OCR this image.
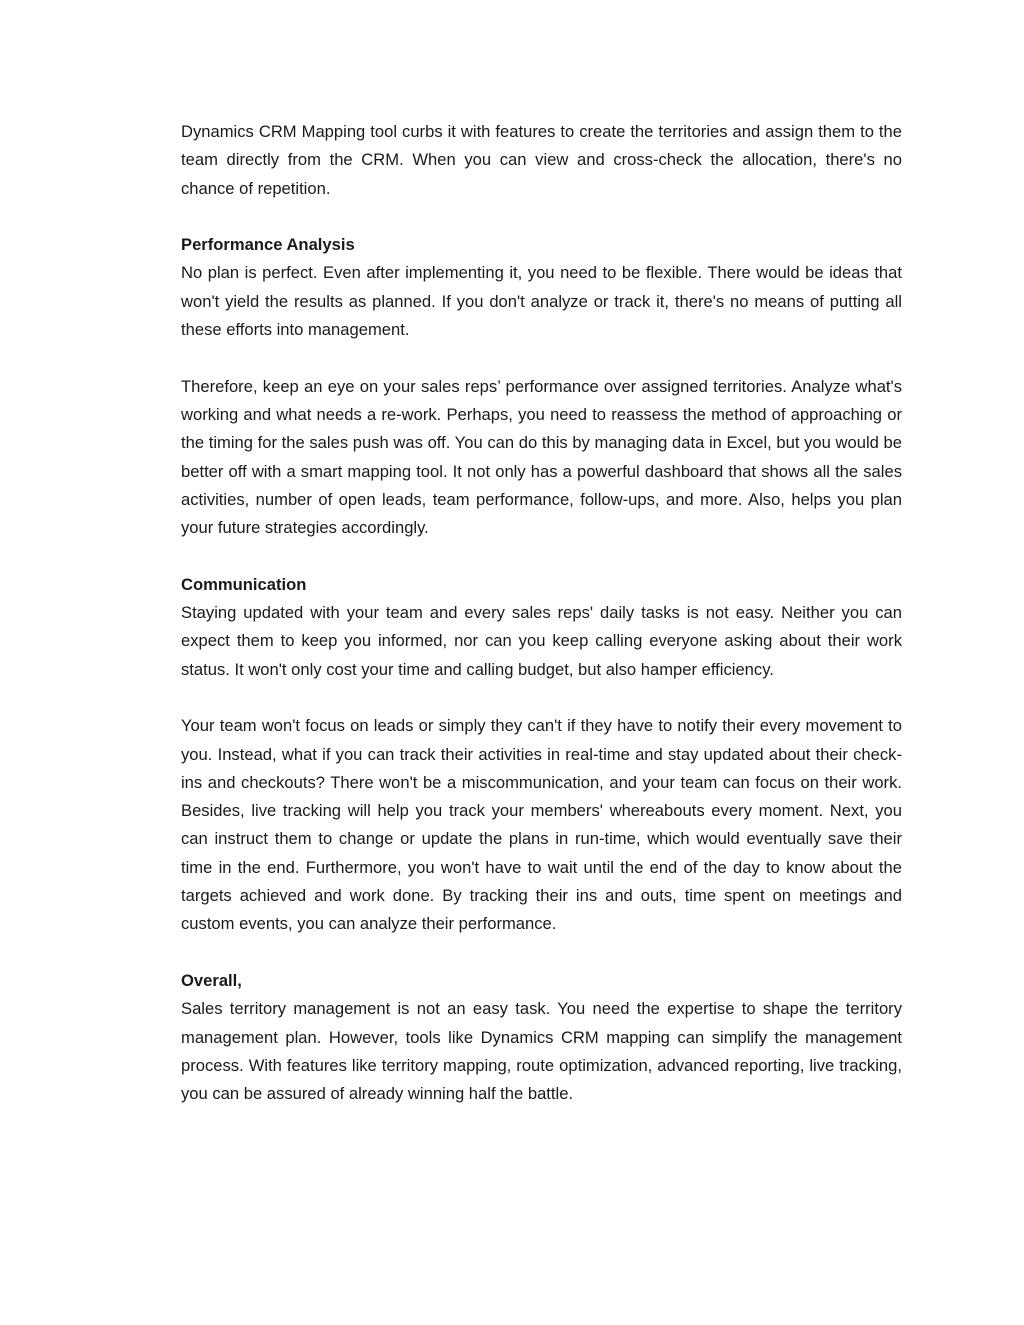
Dynamics CRM Mapping tool curbs it with features to create the territories and assign them to the team directly from the CRM. When you can view and cross-check the allocation, there's no chance of repetition.

Performance Analysis

No plan is perfect. Even after implementing it, you need to be flexible. There would be ideas that won't yield the results as planned. If you don't analyze or track it, there's no means of putting all these efforts into management.

Therefore, keep an eye on your sales reps’ performance over assigned territories. Analyze what's working and what needs a re-work. Perhaps, you need to reassess the method of approaching or the timing for the sales push was off. You can do this by managing data in Excel, but you would be better off with a smart mapping tool. It not only has a powerful dashboard that shows all the sales activities, number of open leads, team performance, follow-ups, and more. Also, helps you plan your future strategies accordingly.

Communication

Staying updated with your team and every sales reps' daily tasks is not easy. Neither you can expect them to keep you informed, nor can you keep calling everyone asking about their work status. It won't only cost your time and calling budget, but also hamper efficiency.

Your team won't focus on leads or simply they can't if they have to notify their every movement to you. Instead, what if you can track their activities in real-time and stay updated about their check-ins and checkouts? There won't be a miscommunication, and your team can focus on their work. Besides, live tracking will help you track your members' whereabouts every moment. Next, you can instruct them to change or update the plans in run-time, which would eventually save their time in the end. Furthermore, you won't have to wait until the end of the day to know about the targets achieved and work done. By tracking their ins and outs, time spent on meetings and custom events, you can analyze their performance.

Overall,

Sales territory management is not an easy task. You need the expertise to shape the territory management plan. However, tools like Dynamics CRM mapping can simplify the management process. With features like territory mapping, route optimization, advanced reporting, live tracking, you can be assured of already winning half the battle.
